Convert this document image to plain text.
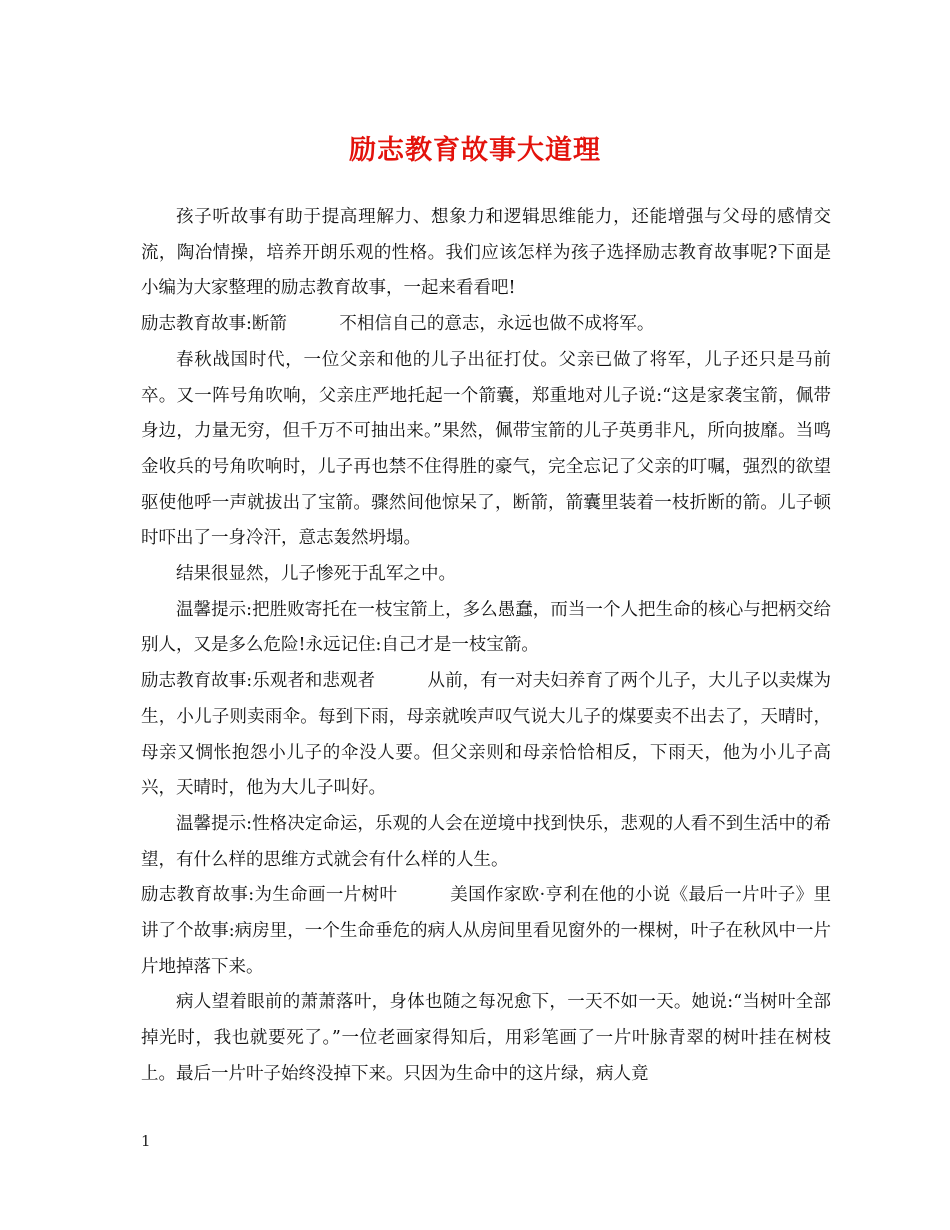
励志教育故事大道理

孩子听故事有助于提高理解力、想象力和逻辑思维能力，还能增强与父母的感情交流，陶冶情操，培养开朗乐观的性格。我们应该怎样为孩子选择励志教育故事呢?下面是小编为大家整理的励志教育故事，一起来看看吧!

励志教育故事:断箭	不相信自己的意志，永远也做不成将军。

春秋战国时代，一位父亲和他的儿子出征打仗。父亲已做了将军，儿子还只是马前卒。又一阵号角吹响，父亲庄严地托起一个箭囊，郑重地对儿子说:“这是家袭宝箭，佩带身边，力量无穷，但千万不可抽出来。”果然，佩带宝箭的儿子英勇非凡，所向披靡。当鸣金收兵的号角吹响时，儿子再也禁不住得胜的豪气，完全忘记了父亲的叮嘱，强烈的欲望驱使他呼一声就拔出了宝箭。骤然间他惊呆了，断箭，箭囊里装着一枝折断的箭。儿子顿时吓出了一身冷汗，意志轰然坍塌。

结果很显然，儿子惨死于乱军之中。

温馨提示:把胜败寄托在一枝宝箭上，多么愚蠢，而当一个人把生命的核心与把柄交给别人，又是多么危险!永远记住:自己才是一枝宝箭。

励志教育故事:乐观者和悲观者	从前，有一对夫妇养育了两个儿子，大儿子以卖煤为生，小儿子则卖雨伞。每到下雨，母亲就唉声叹气说大儿子的煤要卖不出去了，天晴时，母亲又惆怅抱怨小儿子的伞没人要。但父亲则和母亲恰恰相反，下雨天，他为小儿子高兴，天晴时，他为大儿子叫好。

温馨提示:性格决定命运，乐观的人会在逆境中找到快乐，悲观的人看不到生活中的希望，有什么样的思维方式就会有什么样的人生。

励志教育故事:为生命画一片树叶	美国作家欧·亨利在他的小说《最后一片叶子》里讲了个故事:病房里，一个生命垂危的病人从房间里看见窗外的一棵树，叶子在秋风中一片片地掉落下来。

病人望着眼前的萧萧落叶，身体也随之每况愈下，一天不如一天。她说:“当树叶全部掉光时，我也就要死了。”一位老画家得知后，用彩笔画了一片叶脉青翠的树叶挂在树枝上。最后一片叶子始终没掉下来。只因为生命中的这片绿，病人竟

1
